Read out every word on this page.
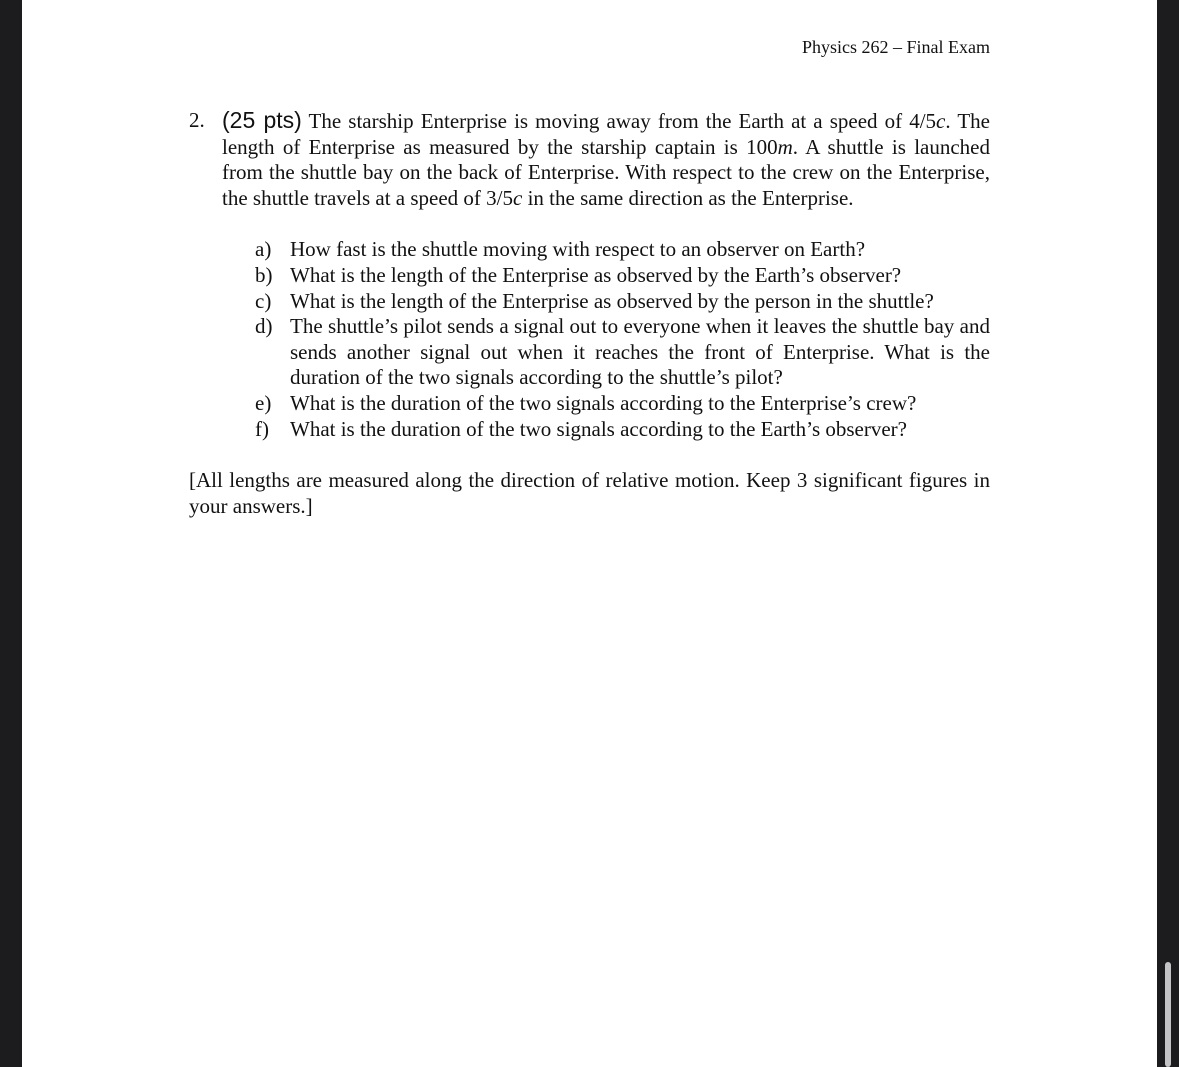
Physics 262 – Final Exam
2. (25 pts) The starship Enterprise is moving away from the Earth at a speed of 4/5c. The length of Enterprise as measured by the starship captain is 100m. A shuttle is launched from the shuttle bay on the back of Enterprise. With respect to the crew on the Enterprise, the shuttle travels at a speed of 3/5c in the same direction as the Enterprise.
a) How fast is the shuttle moving with respect to an observer on Earth?
b) What is the length of the Enterprise as observed by the Earth’s observer?
c) What is the length of the Enterprise as observed by the person in the shuttle?
d) The shuttle’s pilot sends a signal out to everyone when it leaves the shuttle bay and sends another signal out when it reaches the front of Enterprise. What is the duration of the two signals according to the shuttle’s pilot?
e) What is the duration of the two signals according to the Enterprise’s crew?
f)	What is the duration of the two signals according to the Earth’s observer?
[All lengths are measured along the direction of relative motion. Keep 3 significant figures in your answers.]
